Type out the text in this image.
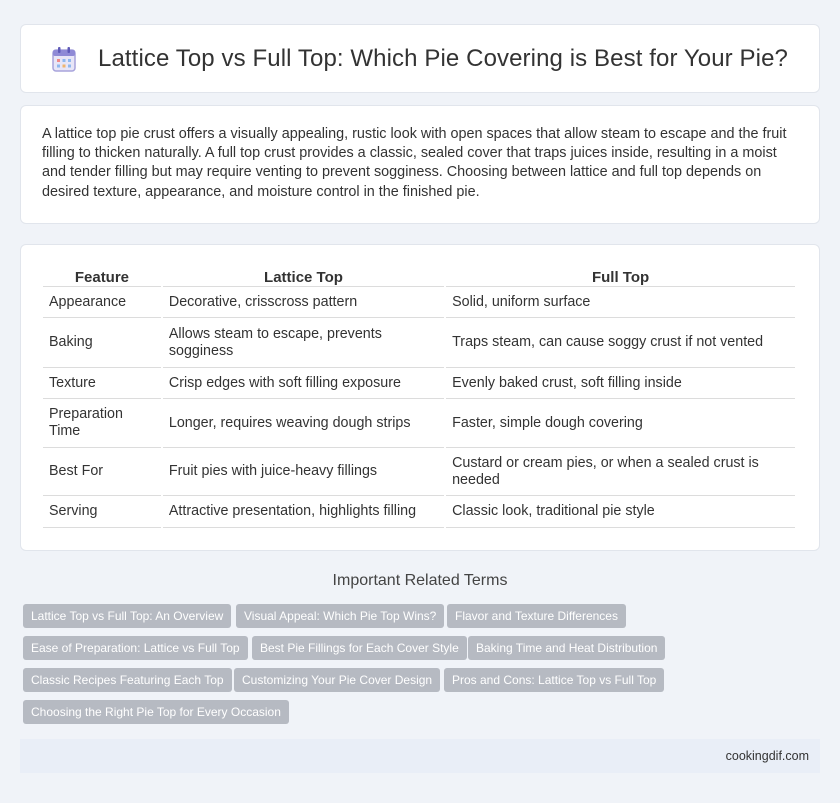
Lattice Top vs Full Top: Which Pie Covering is Best for Your Pie?

A lattice top pie crust offers a visually appealing, rustic look with open spaces that allow steam to escape and the fruit filling to thicken naturally. A full top crust provides a classic, sealed cover that traps juices inside, resulting in a moist and tender filling but may require venting to prevent sogginess. Choosing between lattice and full top depends on desired texture, appearance, and moisture control in the finished pie.

Feature	Lattice Top	Full Top
Appearance	Decorative, crisscross pattern	Solid, uniform surface
Baking	Allows steam to escape, prevents sogginess	Traps steam, can cause soggy crust if not vented
Texture	Crisp edges with soft filling exposure	Evenly baked crust, soft filling inside
Preparation Time	Longer, requires weaving dough strips	Faster, simple dough covering
Best For	Fruit pies with juice-heavy fillings	Custard or cream pies, or when a sealed crust is needed
Serving	Attractive presentation, highlights filling	Classic look, traditional pie style
Important Related Terms
Lattice Top vs Full Top: An Overview	Visual Appeal: Which Pie Top Wins?	Flavor and Texture Differences
Ease of Preparation: Lattice vs Full Top	Best Pie Fillings for Each Cover Style	Baking Time and Heat Distribution
Classic Recipes Featuring Each Top	Customizing Your Pie Cover Design	Pros and Cons: Lattice Top vs Full Top
Choosing the Right Pie Top for Every Occasion
cookingdif.com
